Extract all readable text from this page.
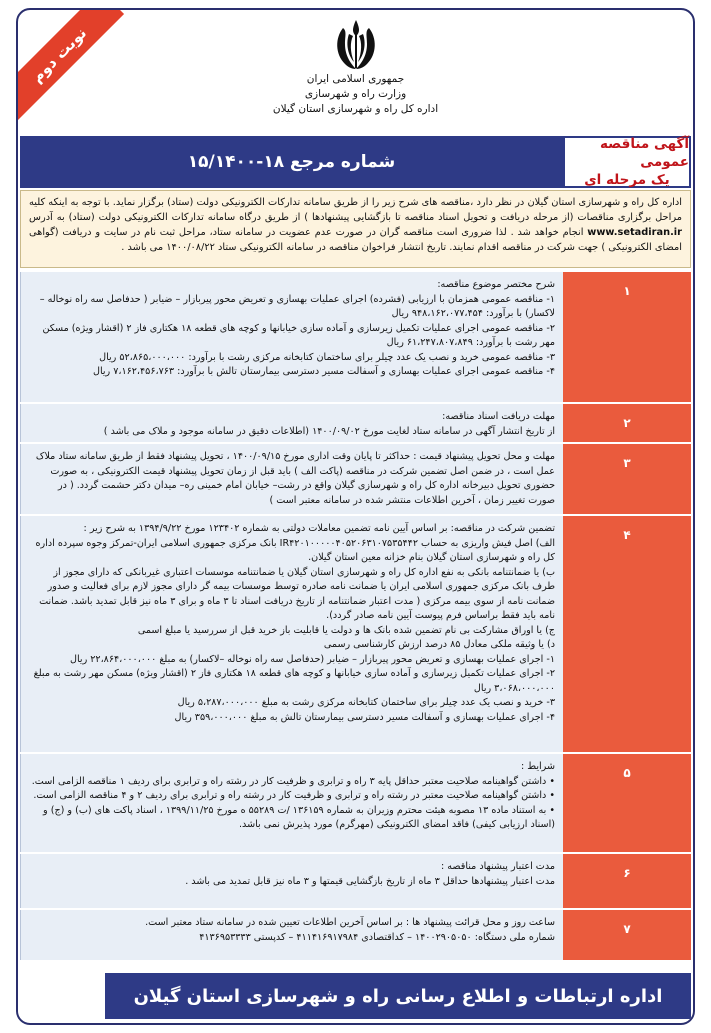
نوبت دوم	جمهوری اسلامی ایران
وزارت راه و شهرسازی
اداره کل راه و شهرسازی استان گیلان
آگهی مناقصه عمومی
یک مرحله ای
شماره مرجع ۱۸-۱۵/۱۴۰۰
اداره کل راه و شهرسازی استان گیلان در نظر دارد ،مناقصه های شرح زیر را از طریق سامانه تدارکات الکترونیکی دولت (ستاد) برگزار نماید. با توجه به اینکه کلیه مراحل برگزاری مناقصات (از مرحله دریافت و تحویل اسناد مناقصه تا بازگشایی پیشنهادها ) از طریق درگاه سامانه تدارکات الکترونیکی دولت (ستاد) به آدرس www.setadiran.ir انجام خواهد شد . لذا ضروری است مناقصه گران در صورت عدم عضویت در سامانه ستاد، مراحل ثبت نام در سایت و دریافت (گواهی امضای الکترونیکی ) جهت شرکت در مناقصه اقدام نمایند. تاریخ انتشار فراخوان مناقصه در سامانه الکترونیکی ستاد ۱۴۰۰/۰۸/۲۲ می باشد .
۱

شرح مختصر موضوع مناقصه:

۱- مناقصه عمومی همزمان با ارزیابی (فشرده) اجرای عملیات بهسازی و تعریض محور پیربازار – ضیابر ( حدفاصل سه راه نوخاله –لاکسار) با برآورد: ۹۴۸،۱۶۲،۰۷۷،۴۵۴ ریال

۲- مناقصه عمومی اجرای عملیات تکمیل زیرسازی و آماده سازی خیابانها و کوچه های قطعه ۱۸ هکتاری فاز ۲ (اقشار ویژه) مسکن مهر رشت با برآورد: ۶۱،۲۴۷،۸۰۷،۸۴۹ ریال

۳- مناقصه عمومی خرید و نصب یک عدد چیلر برای ساختمان کتابخانه مرکزی رشت با برآورد: ۵۲،۸۶۵،۰۰۰،۰۰۰ ریال

۴- مناقصه عمومی اجرای عملیات بهسازی و آسفالت مسیر دسترسی بیمارستان تالش با برآورد: ۷،۱۶۲،۴۵۶،۷۶۳ ریال

۲

مهلت دریافت اسناد مناقصه:

از تاریخ انتشار آگهی در سامانه ستاد لغایت مورخ ۱۴۰۰/۰۹/۰۲ (اطلاعات دقیق در سامانه موجود و ملاک می باشد )

۳

مهلت و محل تحویل پیشنهاد قیمت : حداکثر تا پایان وقت اداری مورخ ۱۴۰۰/۰۹/۱۵ ، تحویل پیشنهاد فقط از طریق سامانه ستاد ملاک عمل است ، در ضمن اصل تضمین شرکت در مناقصه (پاکت الف ) باید قبل از زمان تحویل پیشنهاد قیمت الکترونیکی ، به صورت حضوری تحویل دبیرخانه اداره کل راه و شهرسازی گیلان واقع در رشت– خیابان امام خمینی ره– میدان دکتر حشمت گردد. ( در صورت تغییر زمان ، آخرین اطلاعات منتشر شده در سامانه معتبر است )

۴

تضمین شرکت در مناقصه: بر اساس آیین نامه تضمین معاملات دولتی به شماره ۱۲۳۴۰۲ مورخ ۱۳۹۴/۹/۲۲ به شرح زیر :

الف) اصل فیش واریزی به حساب IR۴۲۰۱۰۰۰۰۰۴۰۵۲۰۶۳۱۰۷۵۳۵۴۴۲ بانک مرکزی جمهوری اسلامی ایران-تمرکز وجوه سپرده اداره کل راه و شهرسازی استان گیلان بنام خزانه معین استان گیلان.

ب) یا ضمانتنامه بانکی به نفع اداره کل راه و شهرسازی استان گیلان یا ضمانتنامه موسسات اعتباری غیربانکی که دارای مجوز از طرف بانک مرکزی جمهوری اسلامی ایران یا ضمانت نامه صادره توسط موسسات بیمه گر دارای مجوز لازم برای فعالیت و صدور ضمانت نامه از سوی بیمه مرکزی ( مدت اعتبار ضمانتنامه از تاریخ دریافت اسناد تا ۳ ماه و برای ۳ ماه نیز قابل تمدید باشد. ضمانت نامه باید فقط براساس فرم پیوست آیین نامه صادر گردد).

ج) یا اوراق مشارکت بی نام تضمین شده بانک ها و دولت یا قابلیت باز خرید قبل از سررسید یا مبلغ اسمی

د) یا وثیقه ملکی معادل ۸۵ درصد ارزش کارشناسی رسمی

۱- اجرای عملیات بهسازی و تعریض محور پیربازار – ضیابر (حدفاصل سه راه نوخاله –لاکسار) به مبلغ ۲۲،۸۶۴،۰۰۰،۰۰۰ ریال

۲- اجرای عملیات تکمیل زیرسازی و آماده سازی خیابانها و کوچه های قطعه ۱۸ هکتاری فاز ۲ (اقشار ویژه) مسکن مهر رشت به مبلغ ۳،۰۶۸،۰۰۰،۰۰۰ ریال

۳- خرید و نصب یک عدد چیلر برای ساختمان کتابخانه مرکزی رشت به مبلغ ۵،۲۸۷،۰۰۰،۰۰۰ ریال

۴- اجرای عملیات بهسازی و آسفالت مسیر دسترسی بیمارستان تالش به مبلغ ۳۵۹،۰۰۰،۰۰۰ ریال

۵

شرایط :

• داشتن گواهینامه صلاحیت معتبر حداقل پایه ۳ راه و ترابری و ظرفیت کار در رشته راه و ترابری برای ردیف ۱ مناقصه الزامی است.

• داشتن گواهینامه صلاحیت معتبر در رشته راه و ترابری و ظرفیت کار در رشته راه و ترابری برای ردیف ۲ و ۴ مناقصه الزامی است.

• به استناد ماده ۱۳ مصوبه هیئت محترم وزیران به شماره ۱۳۶۱۵۹ /ت ۵۵۲۸۹ ه مورخ ۱۳۹۹/۱۱/۲۵ ، اسناد پاکت های (ب) و (ج) و (اسناد ارزیابی کیفی) فاقد امضای الکترونیکی (مهرگرم) مورد پذیرش نمی باشد.

۶

مدت اعتبار پیشنهاد مناقصه :

مدت اعتبار پیشنهادها حداقل ۳ ماه از تاریخ بازگشایی قیمتها و ۳ ماه نیز قابل تمدید می باشد .

۷

ساعت روز و محل قرائت پیشنهاد ها : بر اساس آخرین اطلاعات تعیین شده در سامانه ستاد معتبر است.

شماره ملی دستگاه: ۱۴۰۰۲۹۰۵۰۵۰ – کداقتصادی ۴۱۱۴۱۶۹۱۷۹۸۴ – کدپستی ۴۱۳۶۹۵۳۳۳۳

اداره ارتباطات و اطلاع رسانی راه و شهرسازی استان گیلان
